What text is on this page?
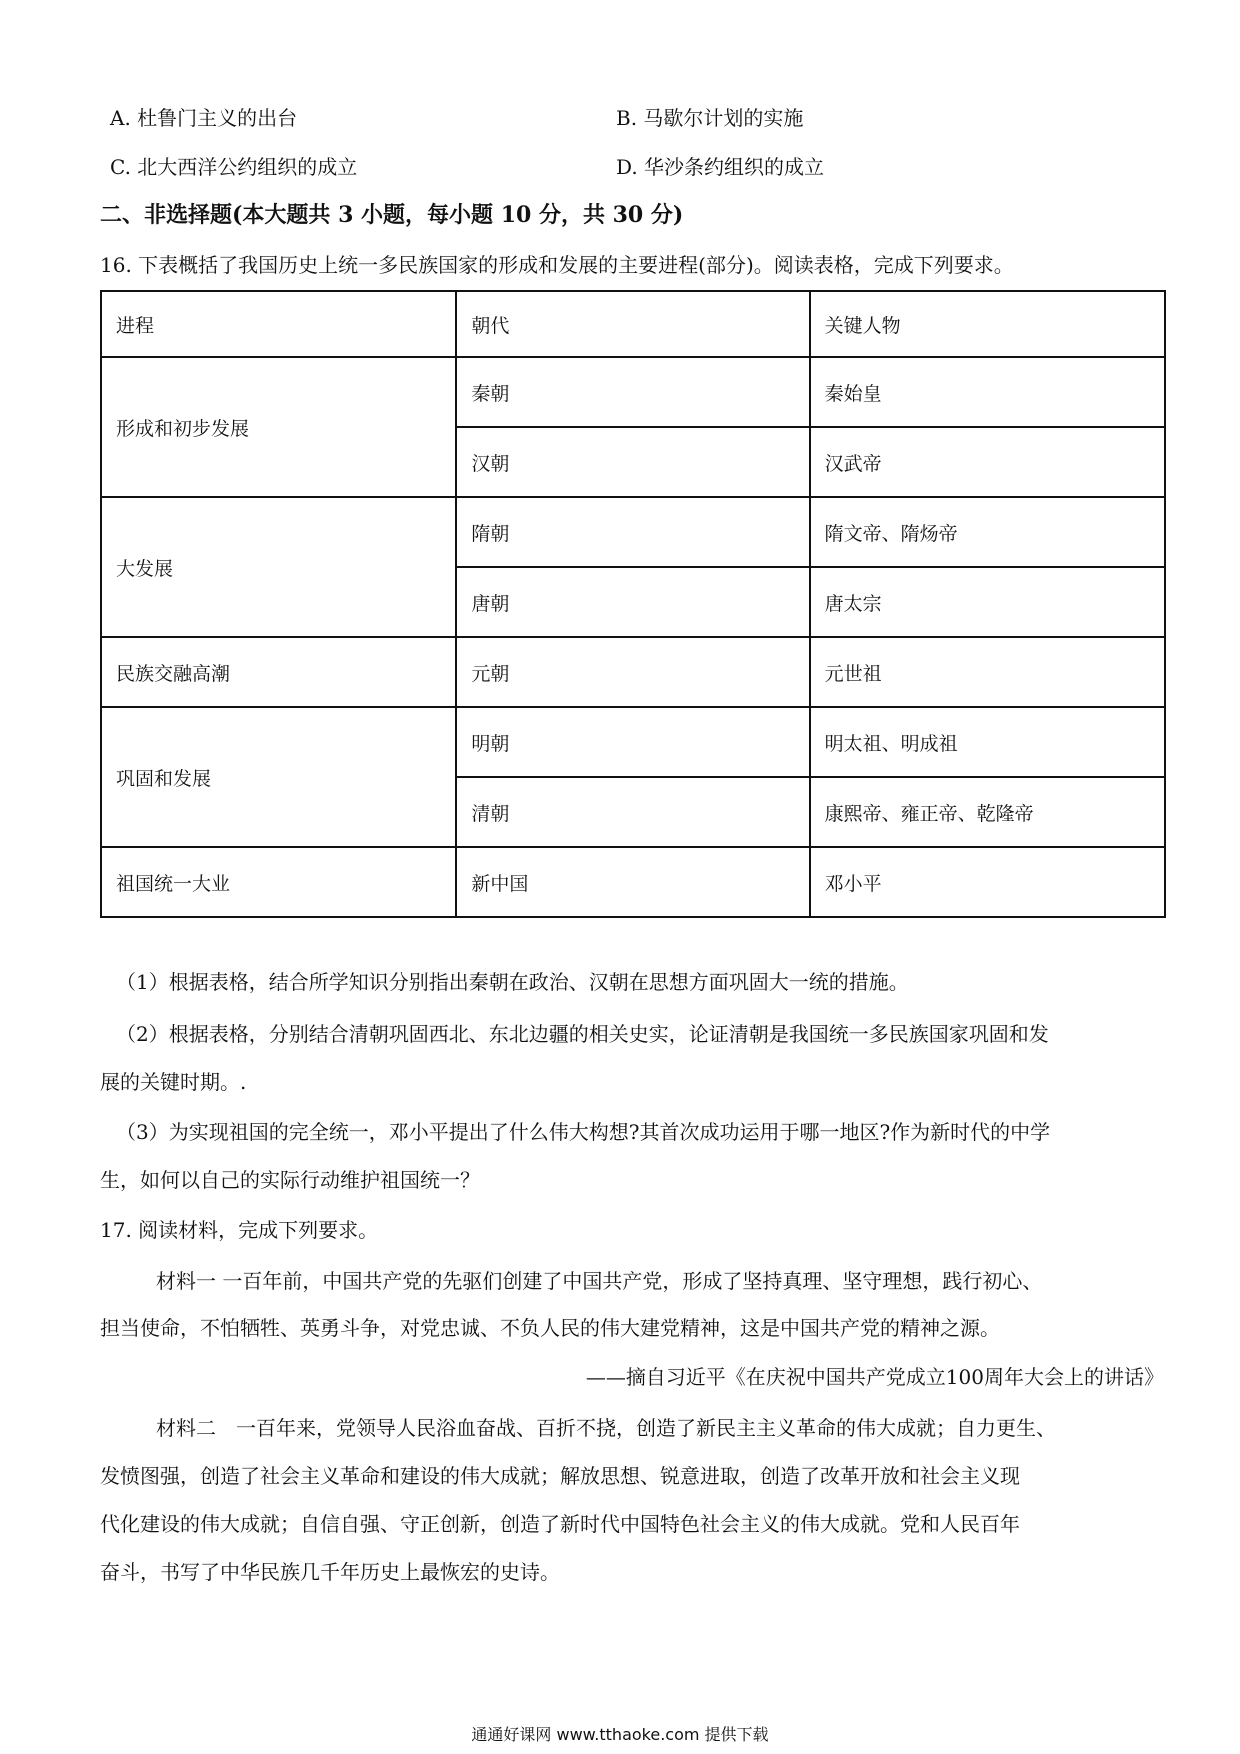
A. 杜鲁门主义的出台	B. 马歇尔计划的实施
C. 北大西洋公约组织的成立	D. 华沙条约组织的成立
二、非选择题(本大题共 3 小题，每小题 10 分，共 30 分)
16. 下表概括了我国历史上统一多民族国家的形成和发展的主要进程(部分)。阅读表格，完成下列要求。
进程	朝代	关键人物
形成和初步发展	秦朝	秦始皇
	汉朝	汉武帝
大发展	隋朝	隋文帝、隋炀帝
	唐朝	唐太宗
民族交融高潮	元朝	元世祖
巩固和发展	明朝	明太祖、明成祖
	清朝	康熙帝、雍正帝、乾隆帝
祖国统一大业	新中国	邓小平
（1）根据表格，结合所学知识分别指出秦朝在政治、汉朝在思想方面巩固大一统的措施。
（2）根据表格，分别结合清朝巩固西北、东北边疆的相关史实，论证清朝是我国统一多民族国家巩固和发
展的关键时期。.
（3）为实现祖国的完全统一，邓小平提出了什么伟大构想?其首次成功运用于哪一地区?作为新时代的中学
生，如何以自己的实际行动维护祖国统一？
17. 阅读材料，完成下列要求。
材料一 一百年前，中国共产党的先驱们创建了中国共产党，形成了坚持真理、坚守理想，践行初心、
担当使命，不怕牺牲、英勇斗争，对党忠诚、不负人民的伟大建党精神，这是中国共产党的精神之源。
——摘自习近平《在庆祝中国共产党成立100周年大会上的讲话》
材料二　一百年来，党领导人民浴血奋战、百折不挠，创造了新民主主义革命的伟大成就；自力更生、
发愤图强，创造了社会主义革命和建设的伟大成就；解放思想、锐意进取，创造了改革开放和社会主义现
代化建设的伟大成就；自信自强、守正创新，创造了新时代中国特色社会主义的伟大成就。党和人民百年
奋斗，书写了中华民族几千年历史上最恢宏的史诗。
通通好课网 www.tthaoke.com 提供下载
